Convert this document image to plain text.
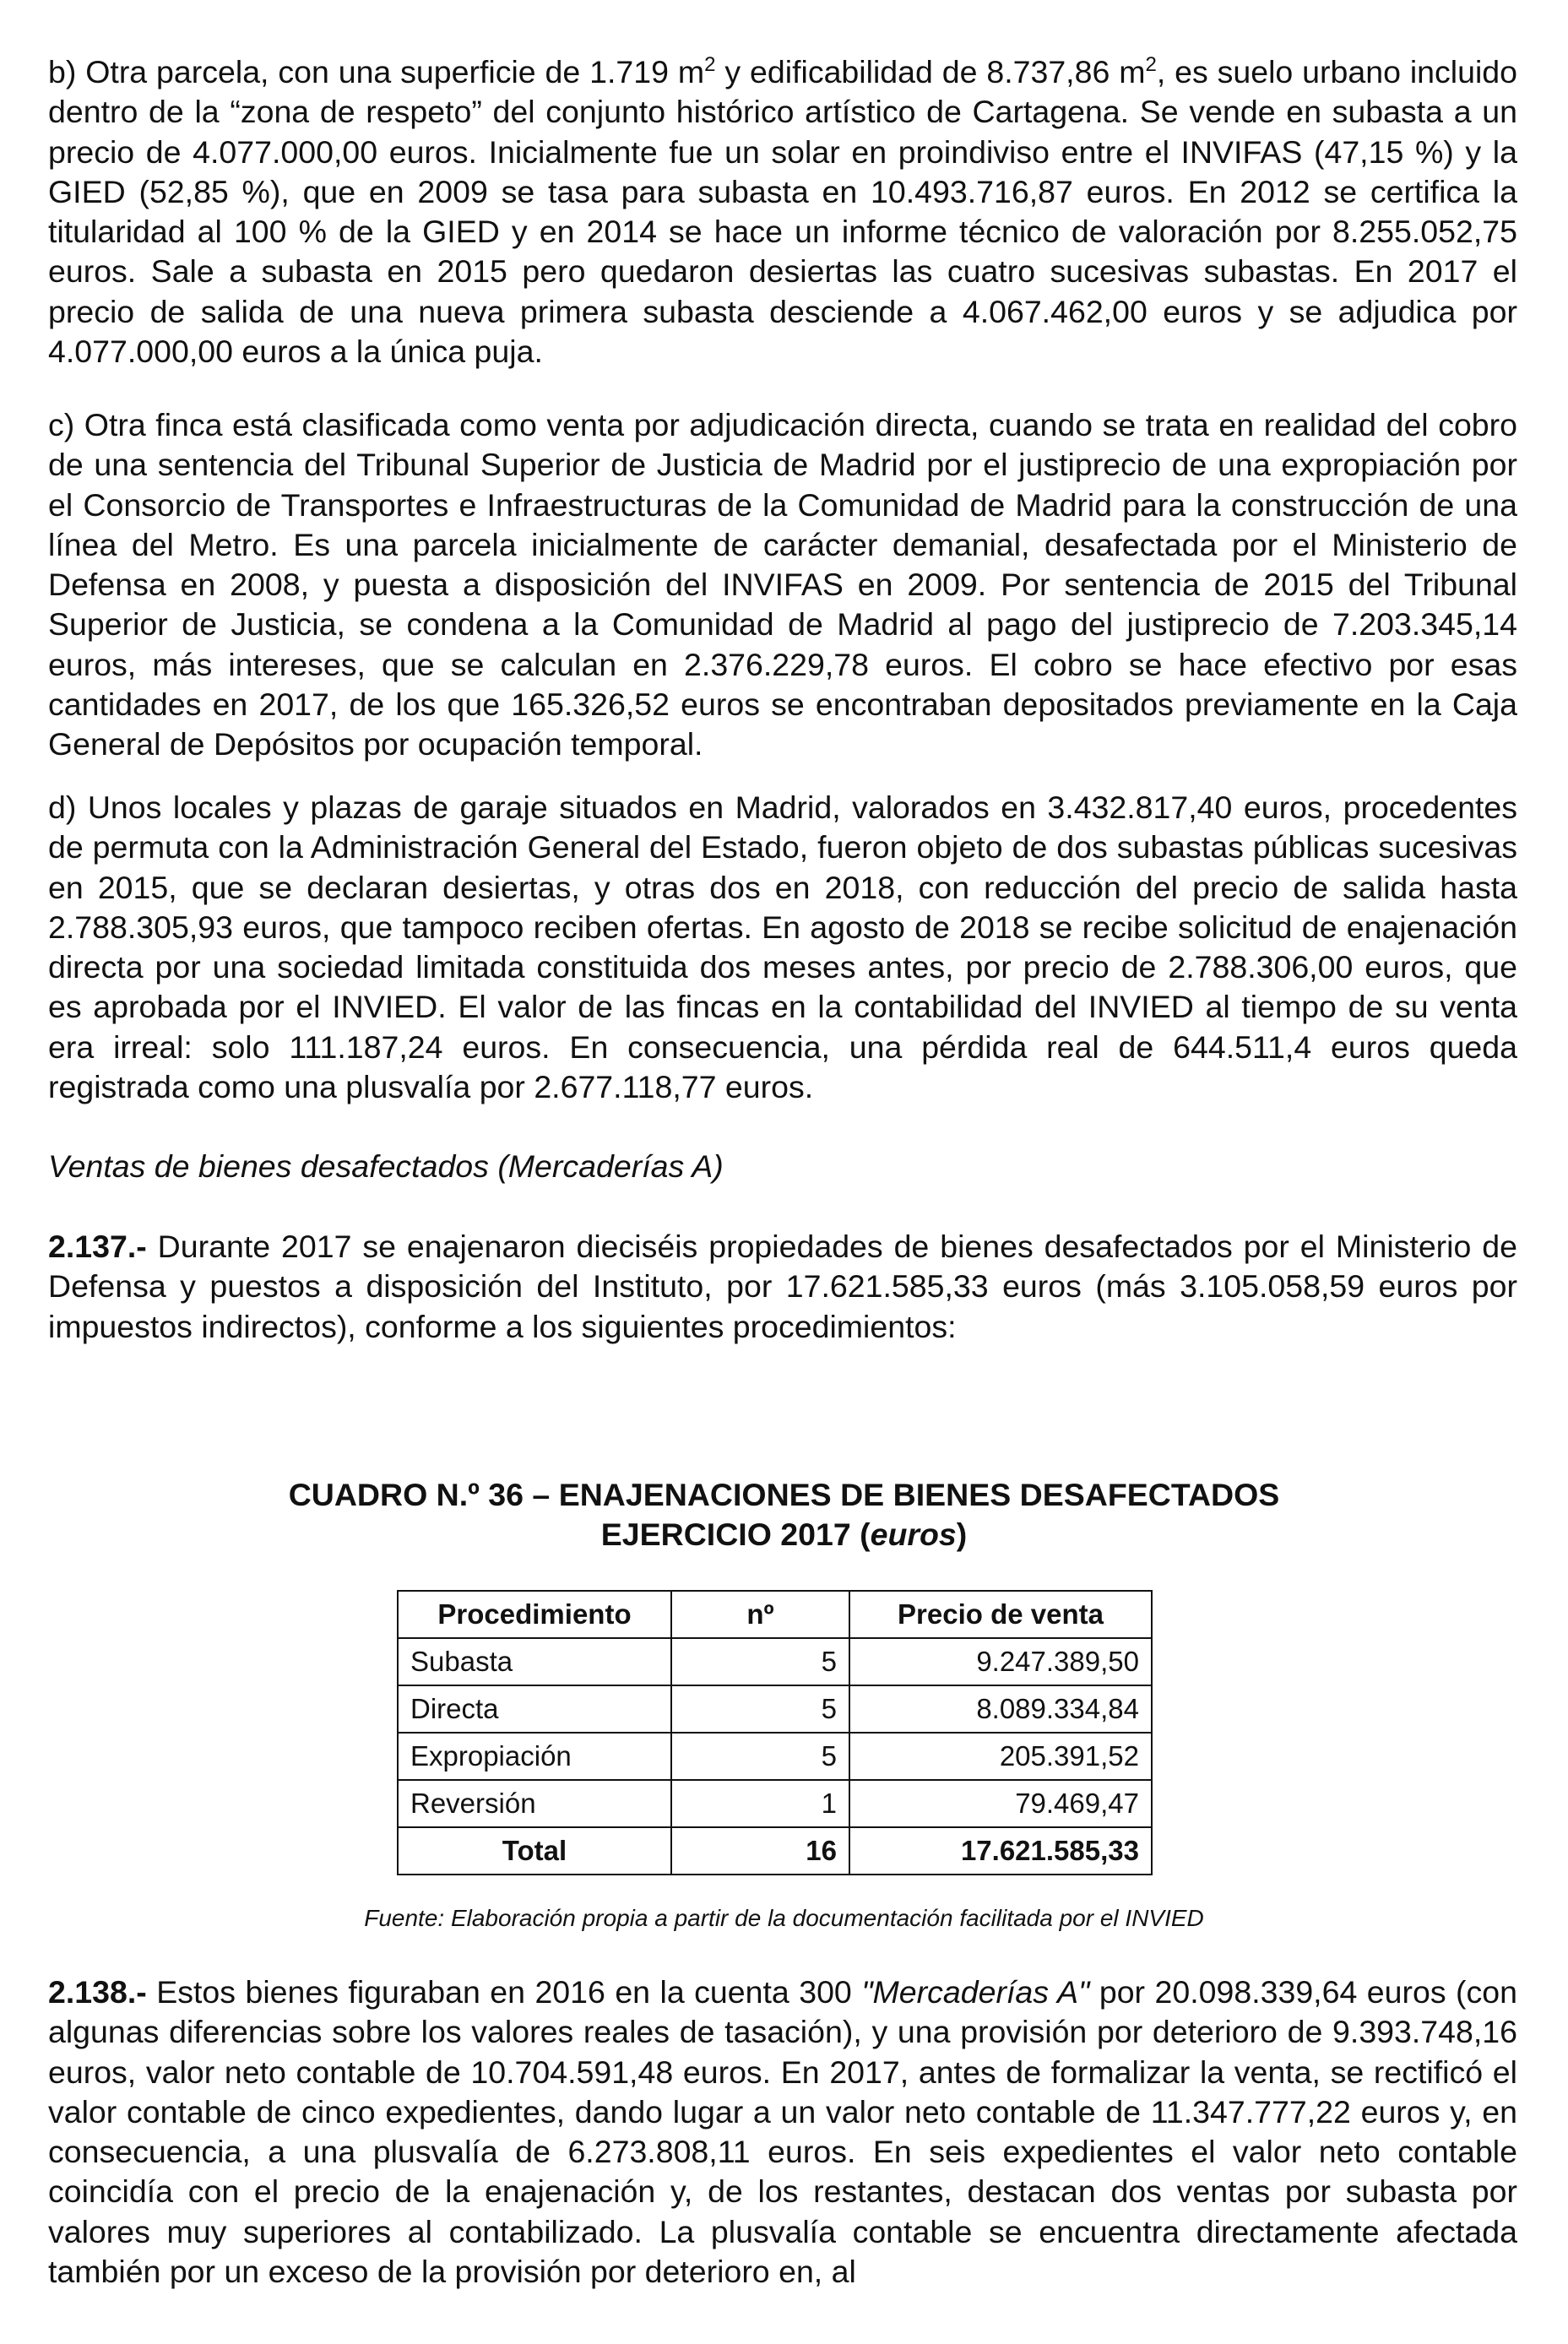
b) Otra parcela, con una superficie de 1.719 $m^2$ y edificabilidad de 8.737,86 $m^2$, es suelo urbano incluido dentro de la “zona de respeto” del conjunto histórico artístico de Cartagena. Se vende en subasta a un precio de 4.077.000,00 euros. Inicialmente fue un solar en proindiviso entre el INVIFAS (47,15 %) y la GIED (52,85 %), que en 2009 se tasa para subasta en 10.493.716,87 euros. En 2012 se certifica la titularidad al 100 % de la GIED y en 2014 se hace un informe técnico de valoración por 8.255.052,75 euros. Sale a subasta en 2015 pero quedaron desiertas las cuatro sucesivas subastas. En 2017 el precio de salida de una nueva primera subasta desciende a 4.067.462,00 euros y se adjudica por 4.077.000,00 euros a la única puja.

c) Otra finca está clasificada como venta por adjudicación directa, cuando se trata en realidad del cobro de una sentencia del Tribunal Superior de Justicia de Madrid por el justiprecio de una expropiación por el Consorcio de Transportes e Infraestructuras de la Comunidad de Madrid para la construcción de una línea del Metro. Es una parcela inicialmente de carácter demanial, desafectada por el Ministerio de Defensa en 2008, y puesta a disposición del INVIFAS en 2009. Por sentencia de 2015 del Tribunal Superior de Justicia, se condena a la Comunidad de Madrid al pago del justiprecio de 7.203.345,14 euros, más intereses, que se calculan en 2.376.229,78 euros. El cobro se hace efectivo por esas cantidades en 2017, de los que 165.326,52 euros se encontraban depositados previamente en la Caja General de Depósitos por ocupación temporal.

d) Unos locales y plazas de garaje situados en Madrid, valorados en 3.432.817,40 euros, procedentes de permuta con la Administración General del Estado, fueron objeto de dos subastas públicas sucesivas en 2015, que se declaran desiertas, y otras dos en 2018, con reducción del precio de salida hasta 2.788.305,93 euros, que tampoco reciben ofertas. En agosto de 2018 se recibe solicitud de enajenación directa por una sociedad limitada constituida dos meses antes, por precio de 2.788.306,00 euros, que es aprobada por el INVIED. El valor de las fincas en la contabilidad del INVIED al tiempo de su venta era irreal: solo 111.187,24 euros. En consecuencia, una pérdida real de 644.511,4 euros queda registrada como una plusvalía por 2.677.118,77 euros.

Ventas de bienes desafectados (Mercaderías A)

2.137.- Durante 2017 se enajenaron dieciséis propiedades de bienes desafectados por el Ministerio de Defensa y puestos a disposición del Instituto, por 17.621.585,33 euros (más 3.105.058,59 euros por impuestos indirectos), conforme a los siguientes procedimientos:

CUADRO N.º 36 – ENAJENACIONES DE BIENES DESAFECTADOS

EJERCICIO 2017 (euros)

Procedimiento	nº	Precio de venta
Subasta	5	9.247.389,50
Directa	5	8.089.334,84
Expropiación	5	205.391,52
Reversión	1	79.469,47
Total	16	17.621.585,33

Fuente: Elaboración propia a partir de la documentación facilitada por el INVIED

2.138.- Estos bienes figuraban en 2016 en la cuenta 300 "Mercaderías A" por 20.098.339,64 euros (con algunas diferencias sobre los valores reales de tasación), y una provisión por deterioro de 9.393.748,16 euros, valor neto contable de 10.704.591,48 euros. En 2017, antes de formalizar la venta, se rectificó el valor contable de cinco expedientes, dando lugar a un valor neto contable de 11.347.777,22 euros y, en consecuencia, a una plusvalía de 6.273.808,11 euros. En seis expedientes el valor neto contable coincidía con el precio de la enajenación y, de los restantes, destacan dos ventas por subasta por valores muy superiores al contabilizado. La plusvalía contable se encuentra directamente afectada también por un exceso de la provisión por deterioro en, al
